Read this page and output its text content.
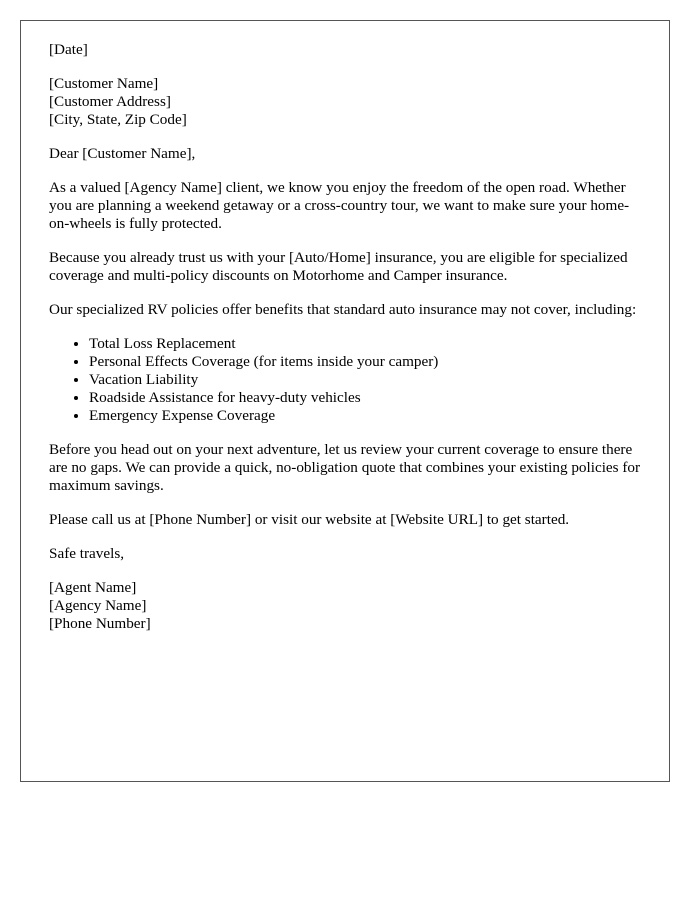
[Date]
[Customer Name]
[Customer Address]
[City, State, Zip Code]

Dear [Customer Name],

As a valued [Agency Name] client, we know you enjoy the freedom of the open road. Whether you are planning a weekend getaway or a cross-country tour, we want to make sure your home-on-wheels is fully protected.

Because you already trust us with your [Auto/Home] insurance, you are eligible for specialized coverage and multi-policy discounts on Motorhome and Camper insurance.

Our specialized RV policies offer benefits that standard auto insurance may not cover, including:

• Total Loss Replacement
• Personal Effects Coverage (for items inside your camper)
• Vacation Liability
• Roadside Assistance for heavy-duty vehicles
• Emergency Expense Coverage

Before you head out on your next adventure, let us review your current coverage to ensure there are no gaps. We can provide a quick, no-obligation quote that combines your existing policies for maximum savings.

Please call us at [Phone Number] or visit our website at [Website URL] to get started.

Safe travels,

[Agent Name]
[Agency Name]
[Phone Number]
